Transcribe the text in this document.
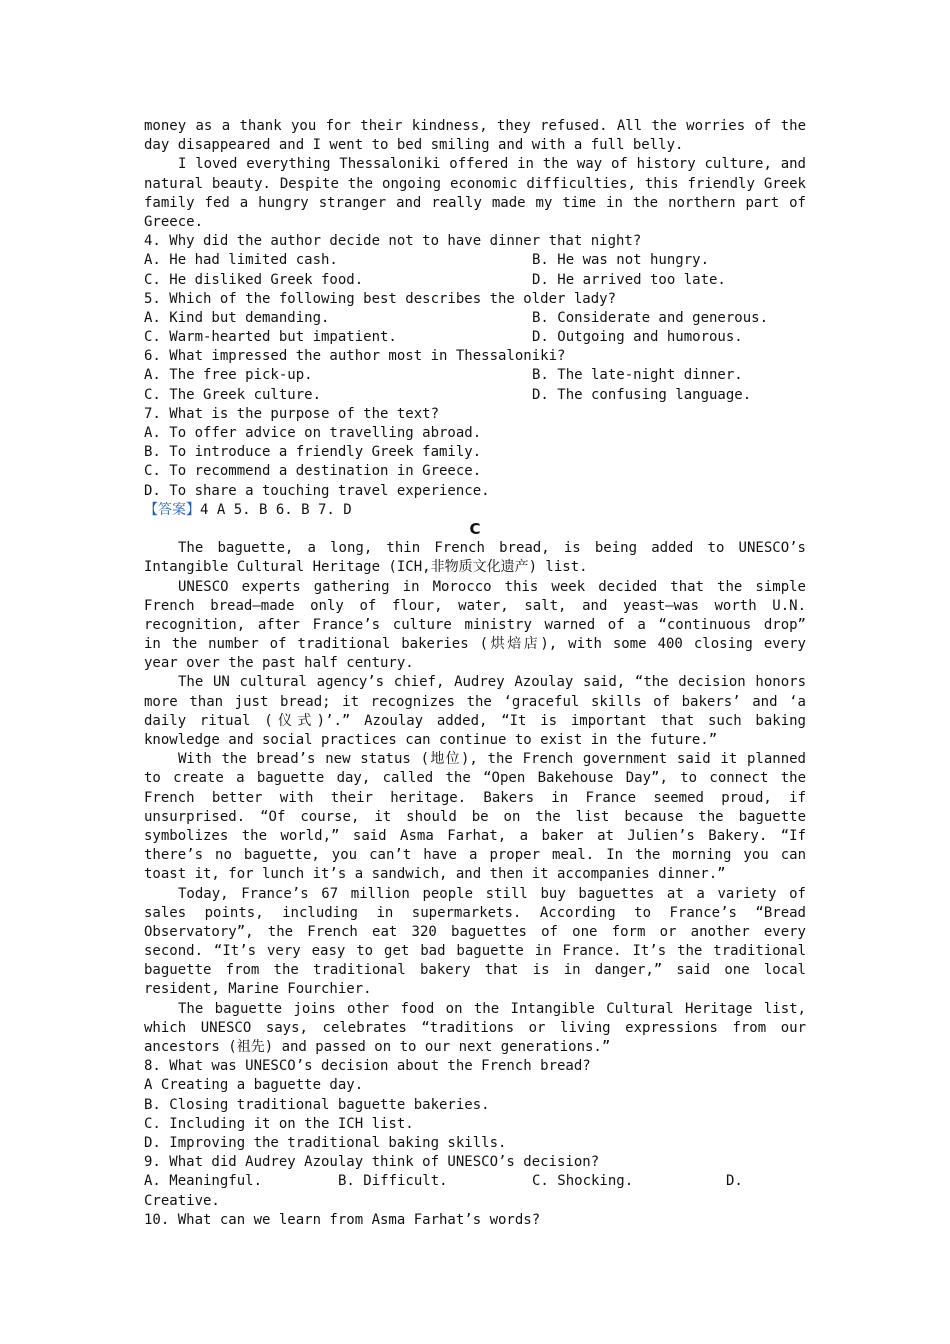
money as a thank you for their kindness, they refused. All the worries of the
day disappeared and I went to bed smiling and with a full belly.
I loved everything Thessaloniki offered in the way of history culture, and
natural beauty. Despite the ongoing economic difficulties, this friendly Greek
family fed a hungry stranger and really made my time in the northern part of
Greece.
4. Why did the author decide not to have dinner that night?
A. He had limited cash.	B. He was not hungry.
C. He disliked Greek food.	D. He arrived too late.
5. Which of the following best describes the older lady?
A. Kind but demanding.	B. Considerate and generous.
C. Warm-hearted but impatient.	D. Outgoing and humorous.
6. What impressed the author most in Thessaloniki?
A. The free pick-up.	B. The late-night dinner.
C. The Greek culture.	D. The confusing language.
7. What is the purpose of the text?
A. To offer advice on travelling abroad.
B. To introduce a friendly Greek family.
C. To recommend a destination in Greece.
D. To share a touching travel experience.
【答案】4 A 5. B 6. B 7. D
C
The baguette, a long, thin French bread, is being added to UNESCO’s
Intangible Cultural Heritage (ICH,非物质文化遗产) list.
UNESCO experts gathering in Morocco this week decided that the simple
French bread—made only of flour, water, salt, and yeast—was worth U.N.
recognition, after France’s culture ministry warned of a “continuous drop”
in the number of traditional bakeries (烘焙店), with some 400 closing every
year over the past half century.
The UN cultural agency’s chief, Audrey Azoulay said, “the decision honors
more than just bread; it recognizes the ‘graceful skills of bakers’ and ‘a
daily ritual (仪式)’.” Azoulay added, “It is important that such baking
knowledge and social practices can continue to exist in the future.”
With the bread’s new status (地位), the French government said it planned
to create a baguette day, called the “Open Bakehouse Day”, to connect the
French better with their heritage. Bakers in France seemed proud, if
unsurprised. “Of course, it should be on the list because the baguette
symbolizes the world,” said Asma Farhat, a baker at Julien’s Bakery. “If
there’s no baguette, you can’t have a proper meal. In the morning you can
toast it, for lunch it’s a sandwich, and then it accompanies dinner.”
Today, France’s 67 million people still buy baguettes at a variety of
sales points, including in supermarkets. According to France’s “Bread
Observatory”, the French eat 320 baguettes of one form or another every
second. “It’s very easy to get bad baguette in France. It’s the traditional
baguette from the traditional bakery that is in danger,” said one local
resident, Marine Fourchier.
The baguette joins other food on the Intangible Cultural Heritage list,
which UNESCO says, celebrates “traditions or living expressions from our
ancestors (祖先) and passed on to our next generations.”
8. What was UNESCO’s decision about the French bread?
A Creating a baguette day.
B. Closing traditional baguette bakeries.
C. Including it on the ICH list.
D. Improving the traditional baking skills.
9. What did Audrey Azoulay think of UNESCO’s decision?
A. Meaningful.	B. Difficult.	C. Shocking.	D.
Creative.
10. What can we learn from Asma Farhat’s words?
